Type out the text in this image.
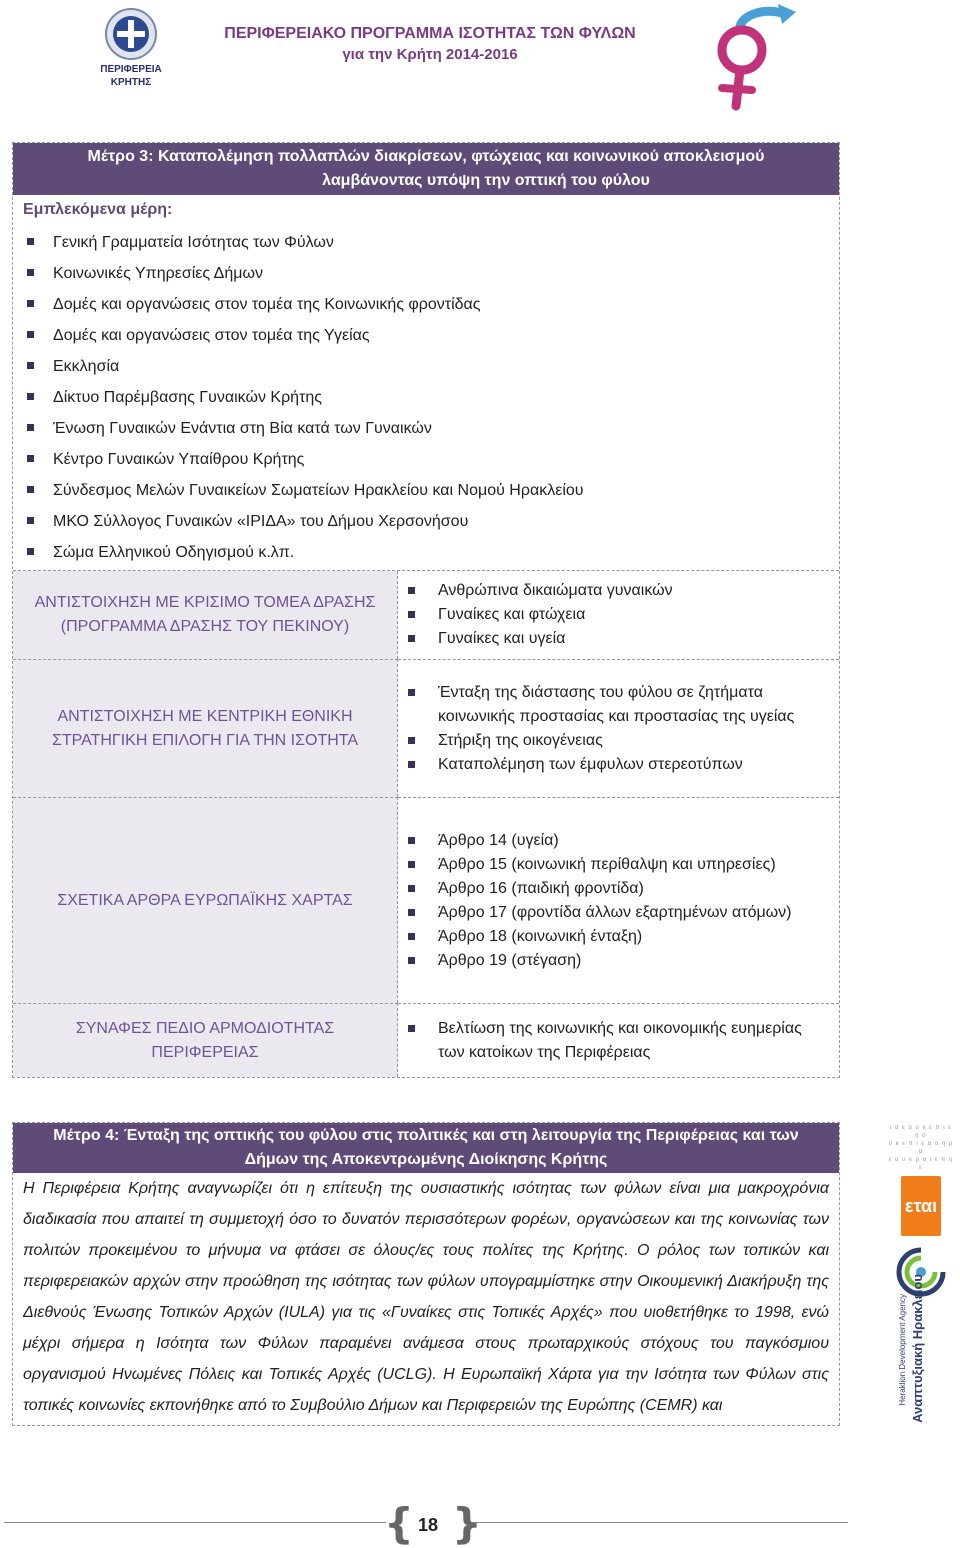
ΠΕΡΙΦΕΡΕΙΑ
ΚΡΗΤΗΣ
ΠΕΡΙΦΕΡΕΙΑΚΟ ΠΡΟΓΡΑΜΜΑ ΙΣΟΤΗΤΑΣ ΤΩΝ ΦΥΛΩΝ
για την Κρήτη 2014-2016
Μέτρο 3: Καταπολέμηση πολλαπλών διακρίσεων, φτώχειας και κοινωνικού αποκλεισμού
λαμβάνοντας υπόψη την οπτική του φύλου
Εμπλεκόμενα μέρη:
Γενική Γραμματεία Ισότητας των Φύλων
Κοινωνικές Υπηρεσίες Δήμων
Δομές και οργανώσεις στον τομέα της Κοινωνικής φροντίδας
Δομές και οργανώσεις στον τομέα της Υγείας
Εκκλησία
Δίκτυο Παρέμβασης Γυναικών Κρήτης
Ένωση Γυναικών Ενάντια στη Βία κατά των Γυναικών
Κέντρο Γυναικών Υπαίθρου Κρήτης
Σύνδεσμος Μελών Γυναικείων Σωματείων Ηρακλείου και Νομού Ηρακλείου
ΜΚΟ Σύλλογος Γυναικών «ΙΡΙΔΑ» του Δήμου Χερσονήσου
Σώμα Ελληνικού Οδηγισμού κ.λπ.
ΑΝΤΙΣΤΟΙΧΗΣΗ ΜΕ ΚΡΙΣΙΜΟ ΤΟΜΕΑ ΔΡΑΣΗΣ (ΠΡΟΓΡΑΜΜΑ ΔΡΑΣΗΣ ΤΟΥ ΠΕΚΙΝΟΥ)
Ανθρώπινα δικαιώματα γυναικών
Γυναίκες και φτώχεια
Γυναίκες και υγεία
ΑΝΤΙΣΤΟΙΧΗΣΗ ΜΕ ΚΕΝΤΡΙΚΗ ΕΘΝΙΚΗ ΣΤΡΑΤΗΓΙΚΗ ΕΠΙΛΟΓΗ ΓΙΑ ΤΗΝ ΙΣΟΤΗΤΑ
Ένταξη της διάστασης του φύλου σε ζητήματα κοινωνικής προστασίας και προστασίας της υγείας
Στήριξη της οικογένειας
Καταπολέμηση των έμφυλων στερεοτύπων
ΣΧΕΤΙΚΑ ΑΡΘΡΑ ΕΥΡΩΠΑΪΚΗΣ ΧΑΡΤΑΣ
Άρθρο 14 (υγεία)
Άρθρο 15 (κοινωνική περίθαλψη και υπηρεσίες)
Άρθρο 16 (παιδική φροντίδα)
Άρθρο 17 (φροντίδα άλλων εξαρτημένων ατόμων)
Άρθρο 18 (κοινωνική ένταξη)
Άρθρο 19 (στέγαση)
ΣΥΝΑΦΕΣ ΠΕΔΙΟ ΑΡΜΟΔΙΟΤΗΤΑΣ ΠΕΡΙΦΕΡΕΙΑΣ
Βελτίωση της κοινωνικής και οικονομικής ευημερίας των κατοίκων της Περιφέρειας
Μέτρο 4: Ένταξη της οπτικής του φύλου στις πολιτικές και στη λειτουργία της Περιφέρειας και των
Δήμων της Αποκεντρωμένης Διοίκησης Κρήτης
Η Περιφέρεια Κρήτης αναγνωρίζει ότι η επίτευξη της ουσιαστικής ισότητας των φύλων είναι μια μακροχρόνια διαδικασία που απαιτεί τη συμμετοχή όσο το δυνατόν περισσότερων φορέων, οργανώσεων και της κοινωνίας των πολιτών προκειμένου το μήνυμα να φτάσει σε όλους/ες τους πολίτες της Κρήτης. Ο ρόλος των τοπικών και περιφερειακών αρχών στην προώθηση της ισότητας των φύλων υπογραμμίστηκε στην Οικουμενική Διακήρυξη της Διεθνούς Ένωσης Τοπικών Αρχών (IULA) για τις «Γυναίκες στις Τοπικές Αρχές» που υιοθετήθηκε το 1998, ενώ μέχρι σήμερα η Ισότητα των Φύλων παραμένει ανάμεσα στους πρωταρχικούς στόχους του παγκόσμιου οργανισμού Ηνωμένες Πόλεις και Τοπικές Αρχές (UCLG). Η Ευρωπαϊκή Χάρτα για την Ισότητα των Φύλων στις τοπικές κοινωνίες εκπονήθηκε από το Συμβούλιο Δήμων και Περιφερειών της Ευρώπης (CEMR) και
ι α ε ο υ κ ε π ι ε η σ
υ κ ε π ι ε α ο η ρ α
ε ο υ κ ρ α ι ε π η ε
εται
Αναπτυξιακή Ηρακλείου
Heraklion Development Agency
{ }
18
